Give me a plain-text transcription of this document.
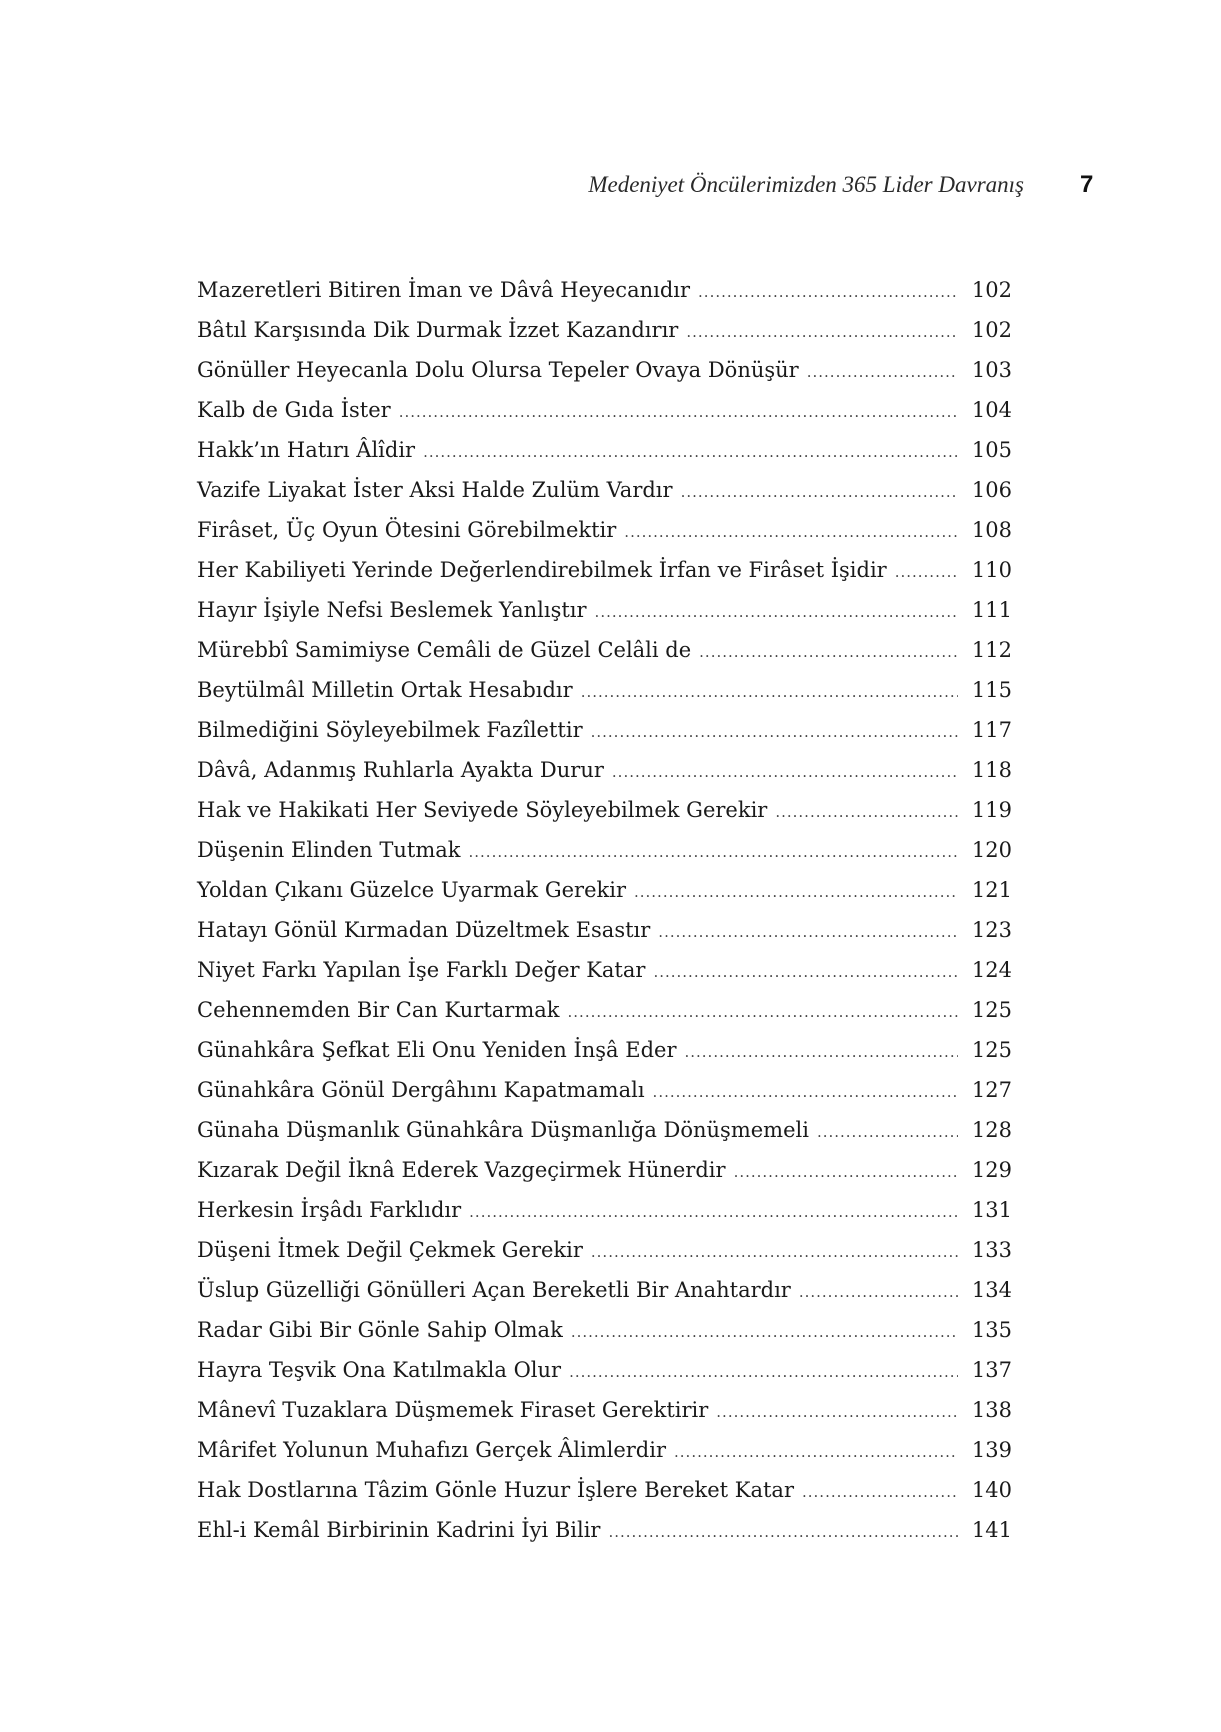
Medeniyet Öncülerimizden 365 Lider Davranış 7
Mazeretleri Bitiren İman ve Dâvâ Heyecanıdır .....	102
Bâtıl Karşısında Dik Durmak İzzet Kazandırır .....	102
Gönüller Heyecanla Dolu Olursa Tepeler Ovaya Dönüşür .....	103
Kalb de Gıda İster .....	104
Hakk’ın Hatırı Âlîdir .....	105
Vazife Liyakat İster Aksi Halde Zulüm Vardır .....	106
Firâset, Üç Oyun Ötesini Görebilmektir .....	108
Her Kabiliyeti Yerinde Değerlendirebilmek İrfan ve Firâset İşidir .....	110
Hayır İşiyle Nefsi Beslemek Yanlıştır .....	111
Mürebbî Samimiyse Cemâli de Güzel Celâli de .....	112
Beytülmâl Milletin Ortak Hesabıdır .....	115
Bilmediğini Söyleyebilmek Fazîlettir .....	117
Dâvâ, Adanmış Ruhlarla Ayakta Durur .....	118
Hak ve Hakikati Her Seviyede Söyleyebilmek Gerekir .....	119
Düşenin Elinden Tutmak .....	120
Yoldan Çıkanı Güzelce Uyarmak Gerekir .....	121
Hatayı Gönül Kırmadan Düzeltmek Esastır .....	123
Niyet Farkı Yapılan İşe Farklı Değer Katar .....	124
Cehennemden Bir Can Kurtarmak .....	125
Günahkâra Şefkat Eli Onu Yeniden İnşâ Eder .....	125
Günahkâra Gönül Dergâhını Kapatmamalı .....	127
Günaha Düşmanlık Günahkâra Düşmanlığa Dönüşmemeli .....	128
Kızarak Değil İknâ Ederek Vazgeçirmek Hünerdir .....	129
Herkesin İrşâdı Farklıdır .....	131
Düşeni İtmek Değil Çekmek Gerekir .....	133
Üslup Güzelliği Gönülleri Açan Bereketli Bir Anahtardır .....	134
Radar Gibi Bir Gönle Sahip Olmak .....	135
Hayra Teşvik Ona Katılmakla Olur .....	137
Mânevî Tuzaklara Düşmemek Firaset Gerektirir .....	138
Mârifet Yolunun Muhafızı Gerçek Âlimlerdir .....	139
Hak Dostlarına Tâzim Gönle Huzur İşlere Bereket Katar .....	140
Ehl-i Kemâl Birbirinin Kadrini İyi Bilir .....	141
